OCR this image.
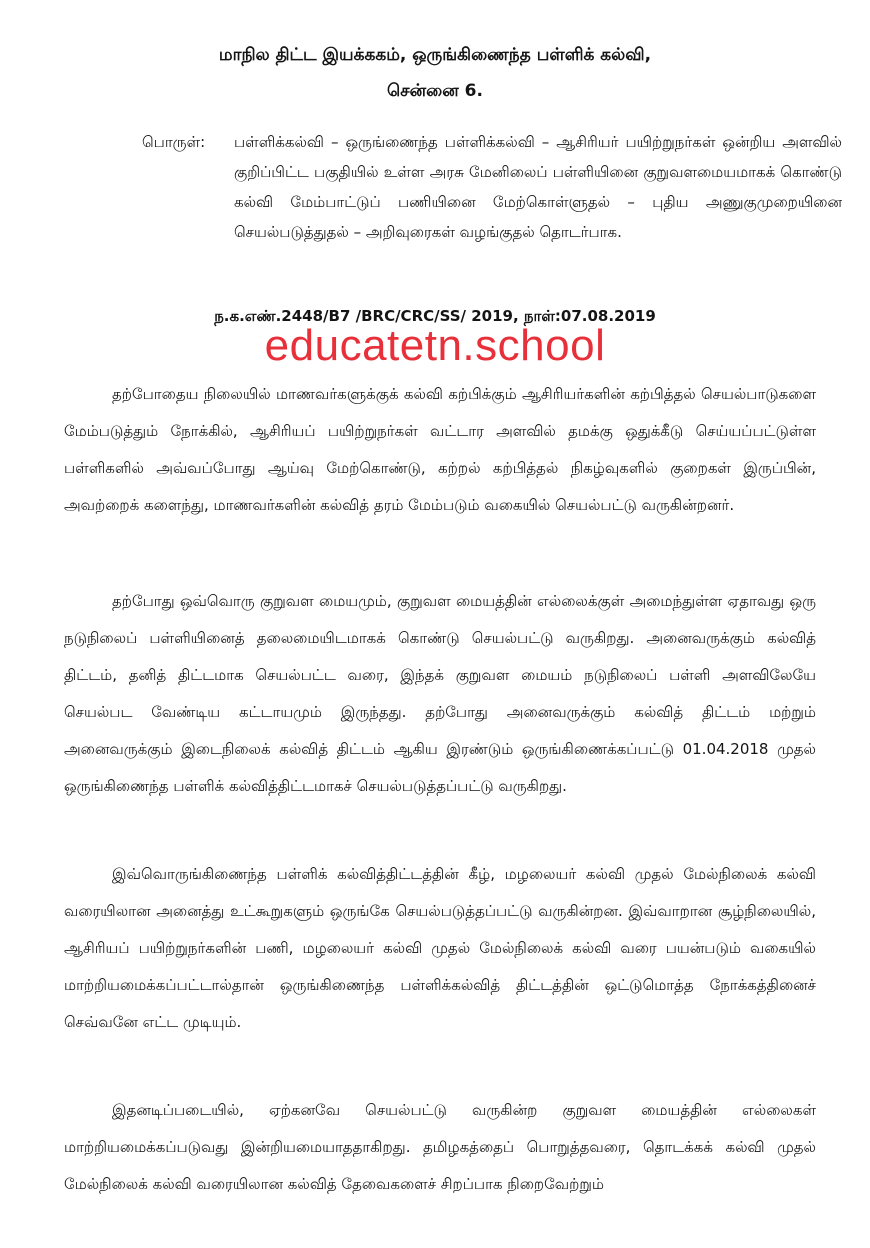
மாநில திட்ட இயக்ககம், ஒருங்கிணைந்த பள்ளிக் கல்வி,
சென்னை 6.
பொருள்:	பள்ளிக்கல்வி – ஒருங்ணைந்த பள்ளிக்கல்வி – ஆசிரியர் பயிற்றுநர்கள் ஒன்றிய அளவில் குறிப்பிட்ட பகுதியில் உள்ள அரசு மேனிலைப் பள்ளியினை குறுவளமையமாகக் கொண்டு கல்வி மேம்பாட்டுப் பணியினை மேற்கொள்ளுதல் – புதிய அணுகுமுறையினை செயல்படுத்துதல் – அறிவுரைகள் வழங்குதல் தொடர்பாக.
ந.க.எண்.2448/B7 /BRC/CRC/SS/ 2019, நாள்:07.08.2019
educatetn.school
தற்போதைய நிலையில் மாணவர்களுக்குக் கல்வி கற்பிக்கும் ஆசிரியர்களின் கற்பித்தல் செயல்பாடுகளை மேம்படுத்தும் நோக்கில், ஆசிரியப் பயிற்றுநர்கள் வட்டார அளவில் தமக்கு ஒதுக்கீடு செய்யப்பட்டுள்ள பள்ளிகளில் அவ்வப்போது ஆய்வு மேற்கொண்டு, கற்றல் கற்பித்தல் நிகழ்வுகளில் குறைகள் இருப்பின், அவற்றைக் களைந்து, மாணவர்களின் கல்வித் தரம் மேம்படும் வகையில் செயல்பட்டு வருகின்றனர்.
தற்போது ஒவ்வொரு குறுவள மையமும், குறுவள மையத்தின் எல்லைக்குள் அமைந்துள்ள ஏதாவது ஒரு நடுநிலைப் பள்ளியினைத் தலைமையிடமாகக் கொண்டு செயல்பட்டு வருகிறது. அனைவருக்கும் கல்வித் திட்டம், தனித் திட்டமாக செயல்பட்ட வரை, இந்தக் குறுவள மையம் நடுநிலைப் பள்ளி அளவிலேயே செயல்பட வேண்டிய கட்டாயமும் இருந்தது. தற்போது அனைவருக்கும் கல்வித் திட்டம் மற்றும் அனைவருக்கும் இடைநிலைக் கல்வித் திட்டம் ஆகிய இரண்டும் ஒருங்கிணைக்கப்பட்டு 01.04.2018 முதல் ஒருங்கிணைந்த பள்ளிக் கல்வித்திட்டமாகச் செயல்படுத்தப்பட்டு வருகிறது.
இவ்வொருங்கிணைந்த பள்ளிக் கல்வித்திட்டத்தின் கீழ், மழலையர் கல்வி முதல் மேல்நிலைக் கல்வி வரையிலான அனைத்து உட்கூறுகளும் ஒருங்கே செயல்படுத்தப்பட்டு வருகின்றன. இவ்வாறான சூழ்நிலையில், ஆசிரியப் பயிற்றுநர்களின் பணி, மழலையர் கல்வி முதல் மேல்நிலைக் கல்வி வரை பயன்படும் வகையில் மாற்றியமைக்கப்பட்டால்தான் ஒருங்கிணைந்த பள்ளிக்கல்வித் திட்டத்தின் ஒட்டுமொத்த நோக்கத்தினைச் செவ்வனே எட்ட முடியும்.
இதனடிப்படையில், ஏற்கனவே செயல்பட்டு வருகின்ற குறுவள மையத்தின் எல்லைகள் மாற்றியமைக்கப்படுவது இன்றியமையாததாகிறது. தமிழகத்தைப் பொறுத்தவரை, தொடக்கக் கல்வி முதல் மேல்நிலைக் கல்வி வரையிலான கல்வித் தேவைகளைச் சிறப்பாக நிறைவேற்றும்
